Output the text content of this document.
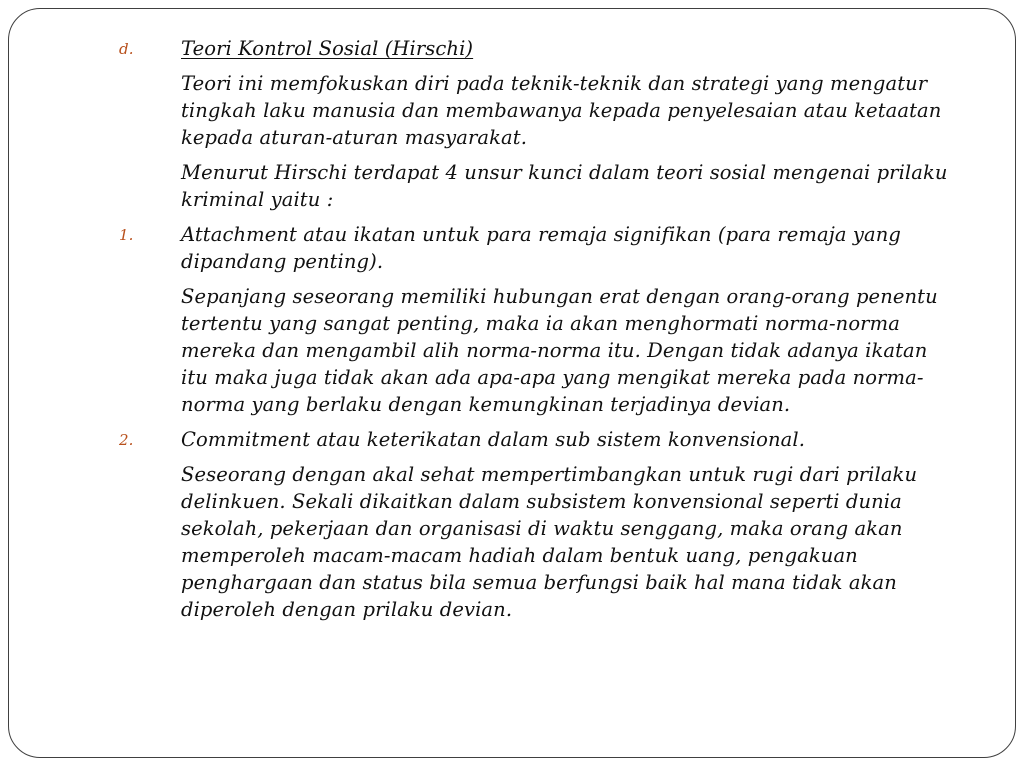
d. Teori Kontrol Sosial (Hirschi)
Teori ini memfokuskan diri pada teknik-teknik dan strategi yang mengatur tingkah laku manusia dan membawanya kepada penyelesaian atau ketaatan kepada aturan-aturan masyarakat.
Menurut Hirschi terdapat 4 unsur kunci dalam teori sosial mengenai prilaku kriminal yaitu :
1. Attachment atau ikatan untuk para remaja signifikan (para remaja yang dipandang penting).
Sepanjang seseorang memiliki hubungan erat dengan orang-orang penentu tertentu yang sangat penting, maka ia akan menghormati norma-norma mereka dan mengambil alih norma-norma itu. Dengan tidak adanya ikatan itu maka juga tidak akan ada apa-apa yang mengikat mereka pada norma-norma yang berlaku dengan kemungkinan terjadinya devian.
2. Commitment atau keterikatan dalam sub sistem konvensional.
Seseorang dengan akal sehat mempertimbangkan untuk rugi dari prilaku delinkuen. Sekali dikaitkan dalam subsistem konvensional seperti dunia sekolah, pekerjaan dan organisasi di waktu senggang, maka orang akan memperoleh macam-macam hadiah dalam bentuk uang, pengakuan penghargaan dan status bila semua berfungsi baik hal mana tidak akan diperoleh dengan prilaku devian.
